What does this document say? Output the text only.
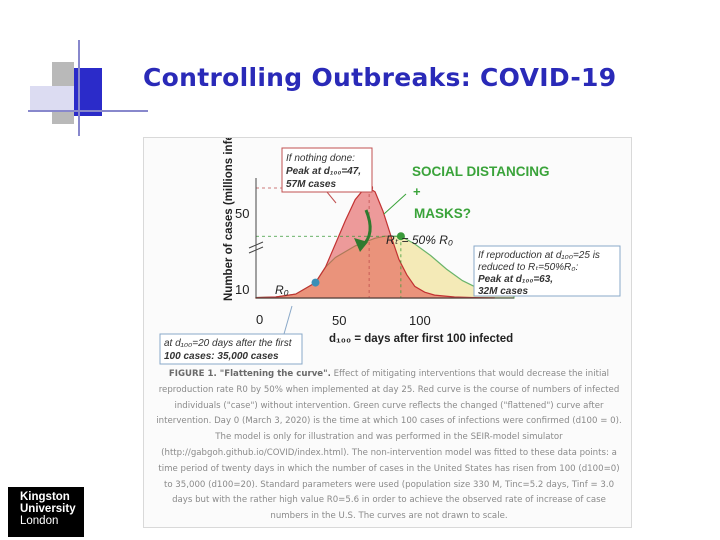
Controlling Outbreaks: COVID-19
Kingston
University
London
Number of cases (millions infected) 50
10
0	50	100
d₁₀₀ = days after first 100 infected
R₀
If nothing done:
Peak at d₁₀₀=47,
57M cases
SOCIAL DISTANCING
+
MASKS?
Rₜ = 50% R₀
If reproduction at d₁₀₀=25 is
reduced to Rₜ=50%R₀:
Peak at d₁₀₀=63,
32M cases
at d₁₀₀=20 days after the first
100 cases: 35,000 cases
FIGURE 1. "Flattening the curve". Effect of mitigating interventions that would decrease the initial reproduction rate R0 by 50% when implemented at day 25. Red curve is the course of numbers of infected individuals ("case") without intervention. Green curve reflects the changed ("flattened") curve after intervention. Day 0 (March 3, 2020) is the time at which 100 cases of infections were confirmed (d100 = 0). The model is only for illustration and was performed in the SEIR-model simulator (http://gabgoh.github.io/COVID/index.html). The non-intervention model was fitted to these data points: a time period of twenty days in which the number of cases in the United States has risen from 100 (d100=0) to 35,000 (d100=20). Standard parameters were used (population size 330 M, Tinc=5.2 days, Tinf = 3.0 days but with the rather high value R0=5.6 in order to achieve the observed rate of increase of case numbers in the U.S. The curves are not drawn to scale.
